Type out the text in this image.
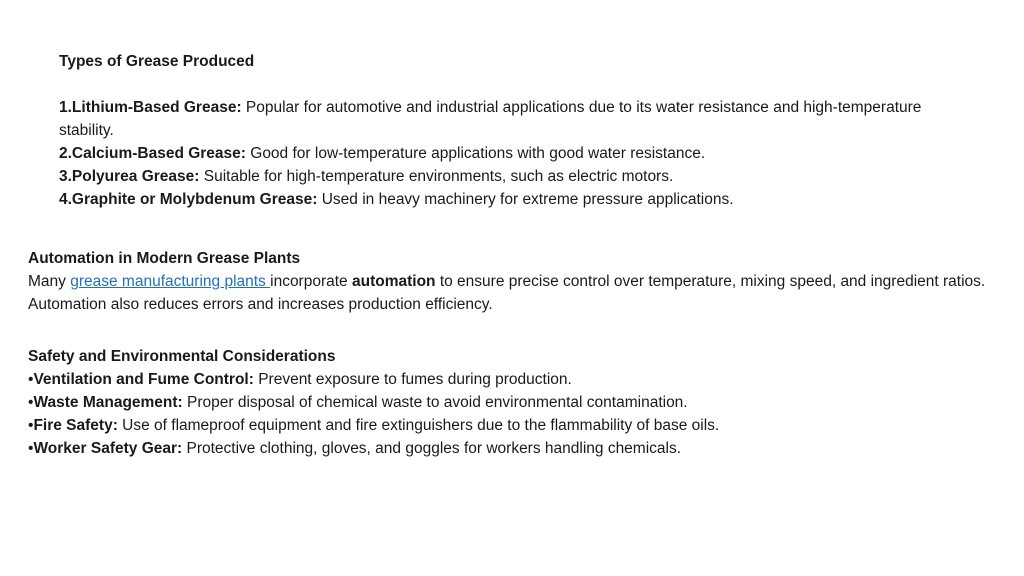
Types of Grease Produced

1.Lithium-Based Grease: Popular for automotive and industrial applications due to its water resistance and high-temperature stability.

2.Calcium-Based Grease: Good for low-temperature applications with good water resistance.

3.Polyurea Grease: Suitable for high-temperature environments, such as electric motors.

4.Graphite or Molybdenum Grease: Used in heavy machinery for extreme pressure applications.

Automation in Modern Grease Plants

Many grease manufacturing plants incorporate automation to ensure precise control over temperature, mixing speed, and ingredient ratios. Automation also reduces errors and increases production efficiency.

Safety and Environmental Considerations

•Ventilation and Fume Control: Prevent exposure to fumes during production.

•Waste Management: Proper disposal of chemical waste to avoid environmental contamination.

•Fire Safety: Use of flameproof equipment and fire extinguishers due to the flammability of base oils.

•Worker Safety Gear: Protective clothing, gloves, and goggles for workers handling chemicals.
